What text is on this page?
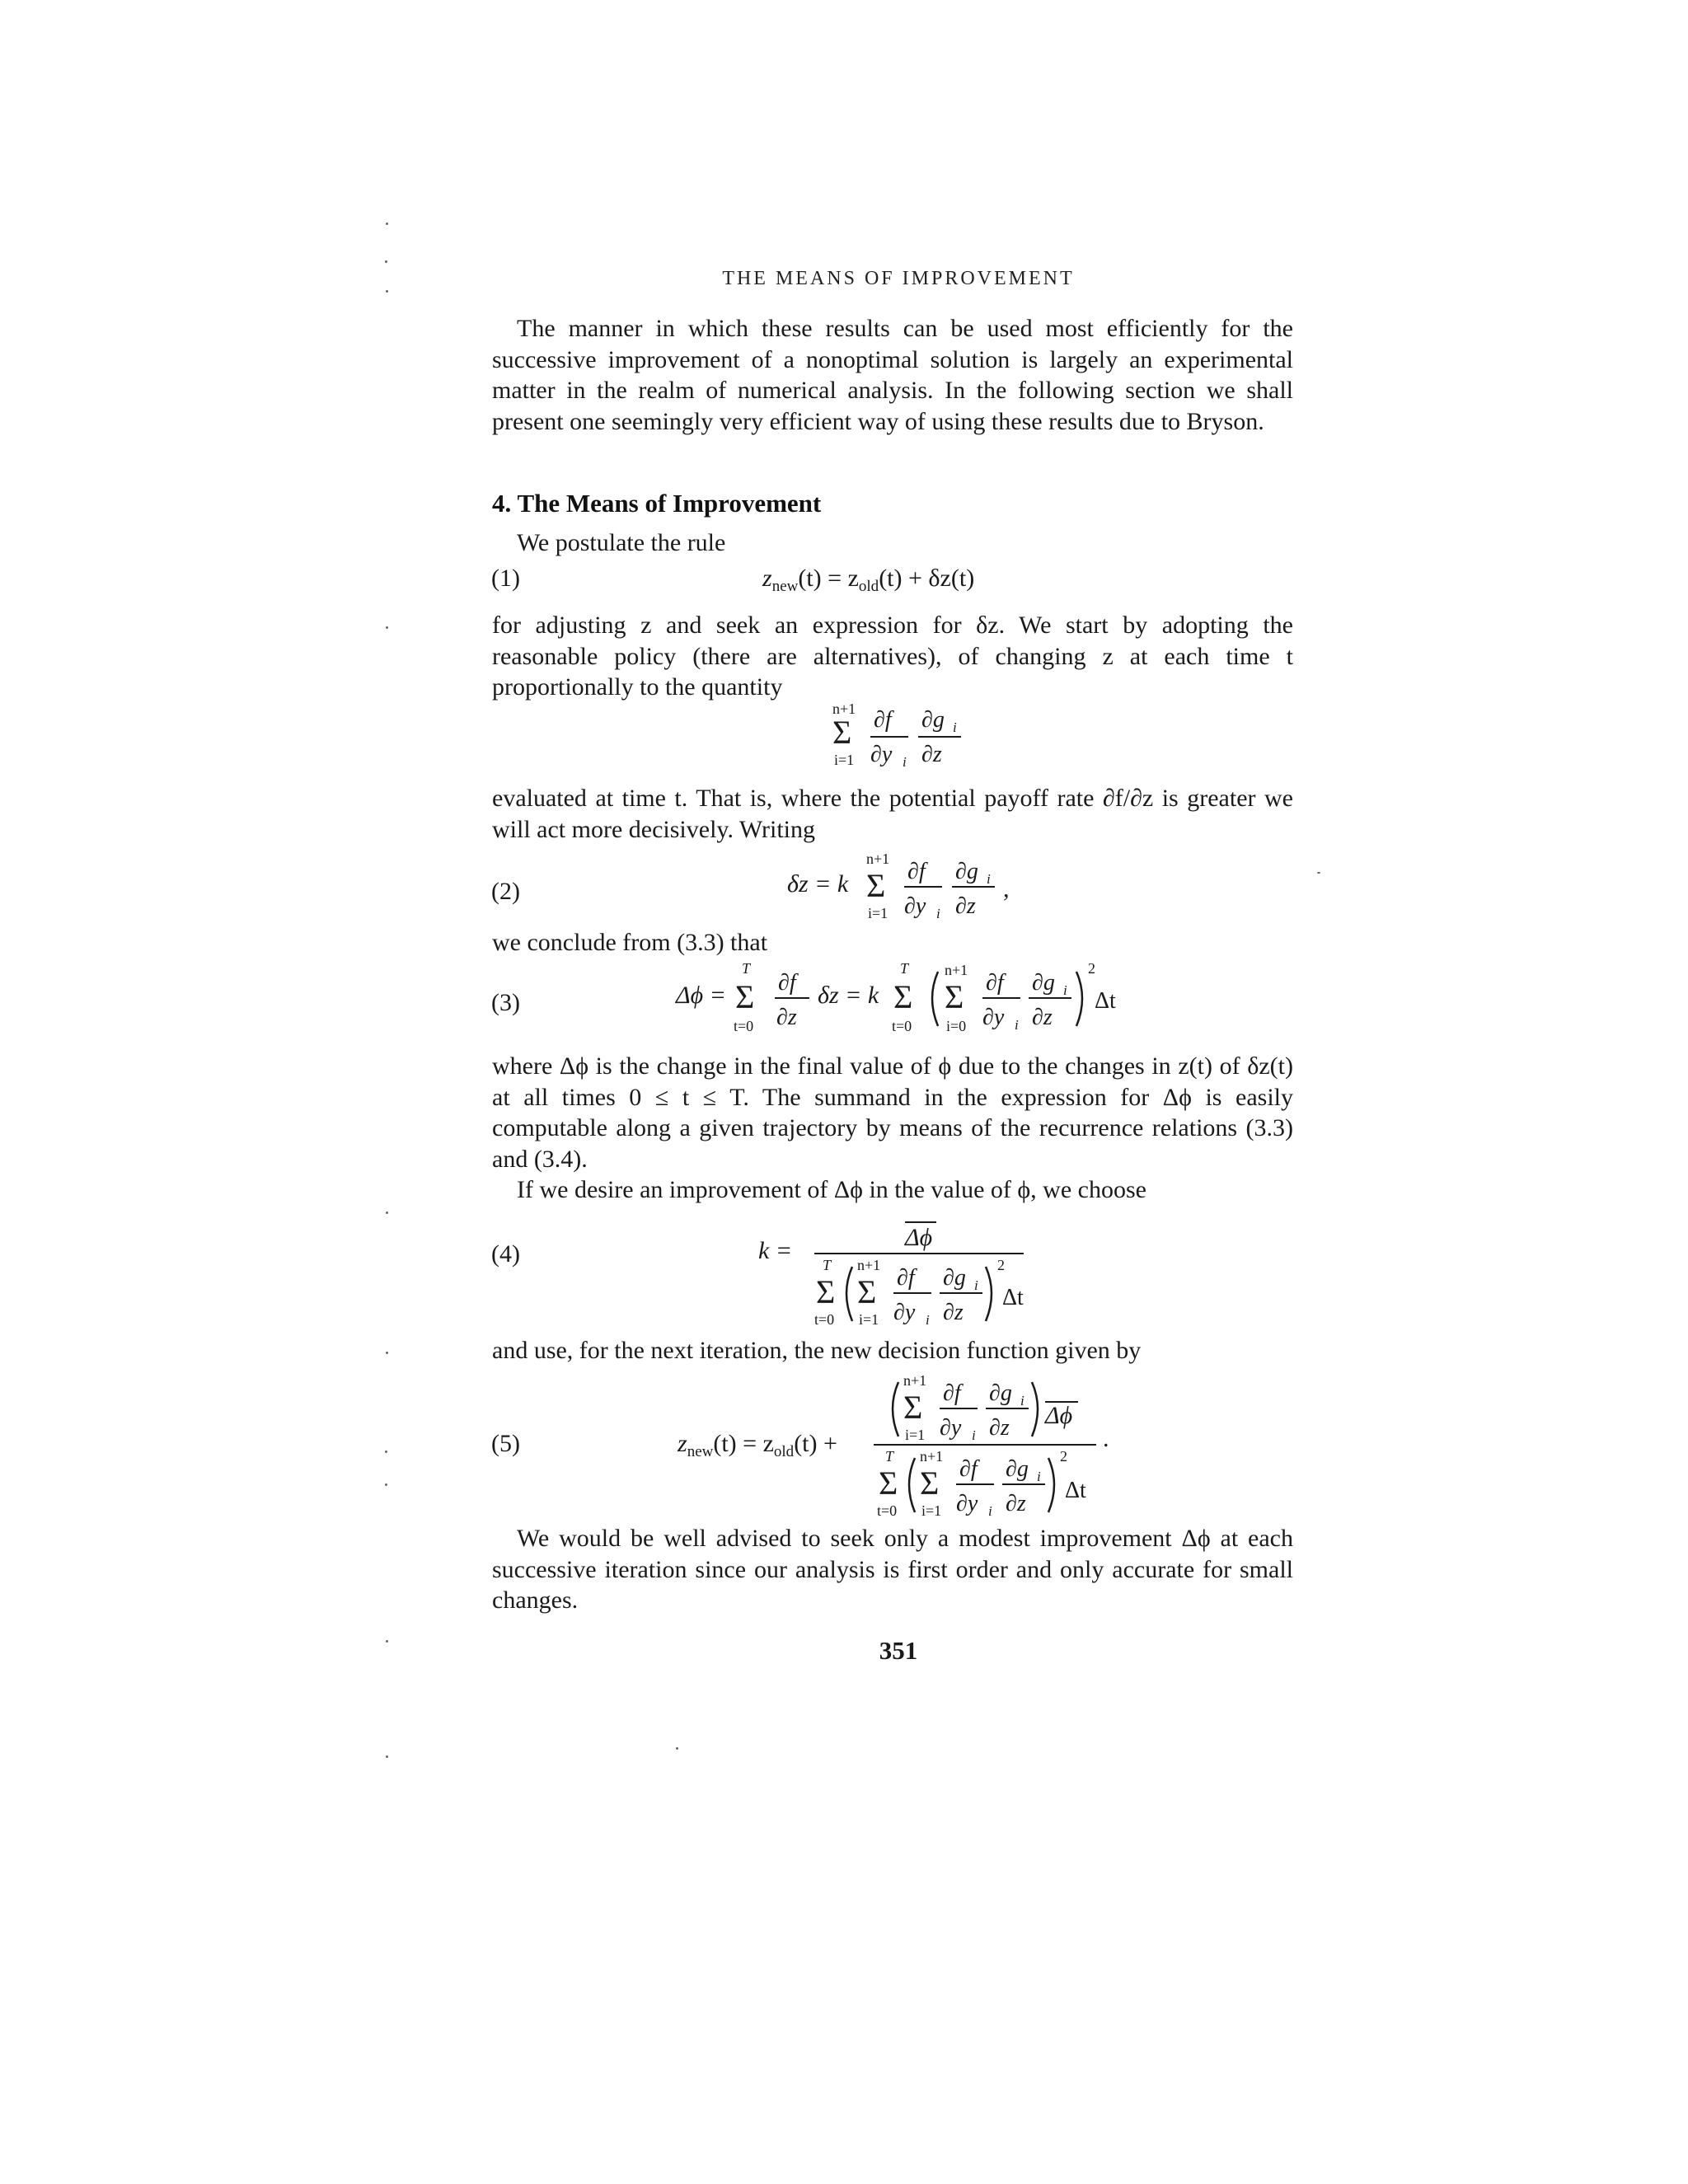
THE MEANS OF IMPROVEMENT
The manner in which these results can be used most efficiently for the successive improvement of a nonoptimal solution is largely an experimental matter in the realm of numerical analysis. In the following section we shall present one seemingly very efficient way of using these results due to Bryson.
4. The Means of Improvement
We postulate the rule
(1)	$z_{new}(t) = z_{old}(t) + \delta z(t)$
for adjusting z and seek an expression for δz. We start by adopting the reasonable policy (there are alternatives), of changing z at each time t proportionally to the quantity
n+1
Σ
i=1
∂f
∂y i
∂g i
∂z
evaluated at time t. That is, where the potential payoff rate ∂f/∂z is greater we will act more decisively. Writing
(2)	δz = k
n+1
Σ
i=1
∂f
∂y i
∂g i
∂z
,
we conclude from (3.3) that
(3)	Δϕ =
T
Σ
t=0
∂f
∂z
δz = k
T
Σ
t=0
n+1
Σ
i=0
∂f
∂y i
∂g i
∂z
2
Δt
where Δϕ is the change in the final value of ϕ due to the changes in z(t) of δz(t) at all times 0 ≤ t ≤ T. The summand in the expression for Δϕ is easily computable along a given trajectory by means of the recurrence relations (3.3) and (3.4).
If we desire an improvement of Δϕ in the value of ϕ, we choose
(4)	k =	Δϕ
T
Σ
t=0
n+1
Σ
i=1
∂f
∂y i
∂g i
∂z
2
Δt
and use, for the next iteration, the new decision function given by
(5)	$z_{new}(t) = z_{old}(t)$ +
n+1
Σ
i=1
∂f
∂y i
∂g i
∂z Δϕ
T
Σ
t=0
n+1
Σ
i=1
∂f
∂y i
∂g i
∂z
2
Δt
.
We would be well advised to seek only a modest improvement Δϕ at each successive iteration since our analysis is first order and only accurate for small changes.
351
